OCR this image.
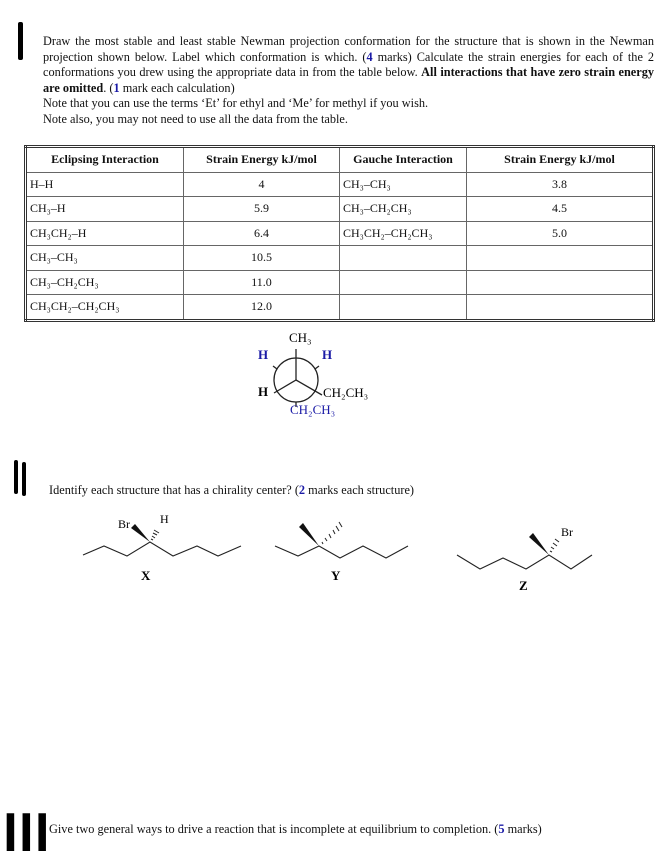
Draw the most stable and least stable Newman projection conformation for the structure that is shown in the Newman projection shown below. Label which conformation is which. (4 marks) Calculate the strain energies for each of the 2 conformations you drew using the appropriate data in from the table below. All interactions that have zero strain energy are omitted. (1 mark each calculation)

Note that you can use the terms ‘Et’ for ethyl and ‘Me’ for methyl if you wish.

Note also, you may not need to use all the data from the table.

Eclipsing Interaction	Strain Energy kJ/mol	Gauche Interaction	Strain Energy kJ/mol
H–H	4	CH₃–CH₃	3.8
CH₃–H	5.9	CH₃–CH₂CH₃	4.5
CH₃CH₂–H	6.4	CH₃CH₂–CH₂CH₃	5.0
CH₃–CH₃	10.5		
CH₃–CH₂CH₃	11.0		
CH₃CH₂–CH₂CH₃	12.0		
CH₃
H	H
H	CH₂CH₃
CH₂CH₃
Identify each structure that has a chirality center? (2 marks each structure)
Br	H
X	Y
Br
Z
III
Give two general ways to drive a reaction that is incomplete at equilibrium to completion. (5 marks)
